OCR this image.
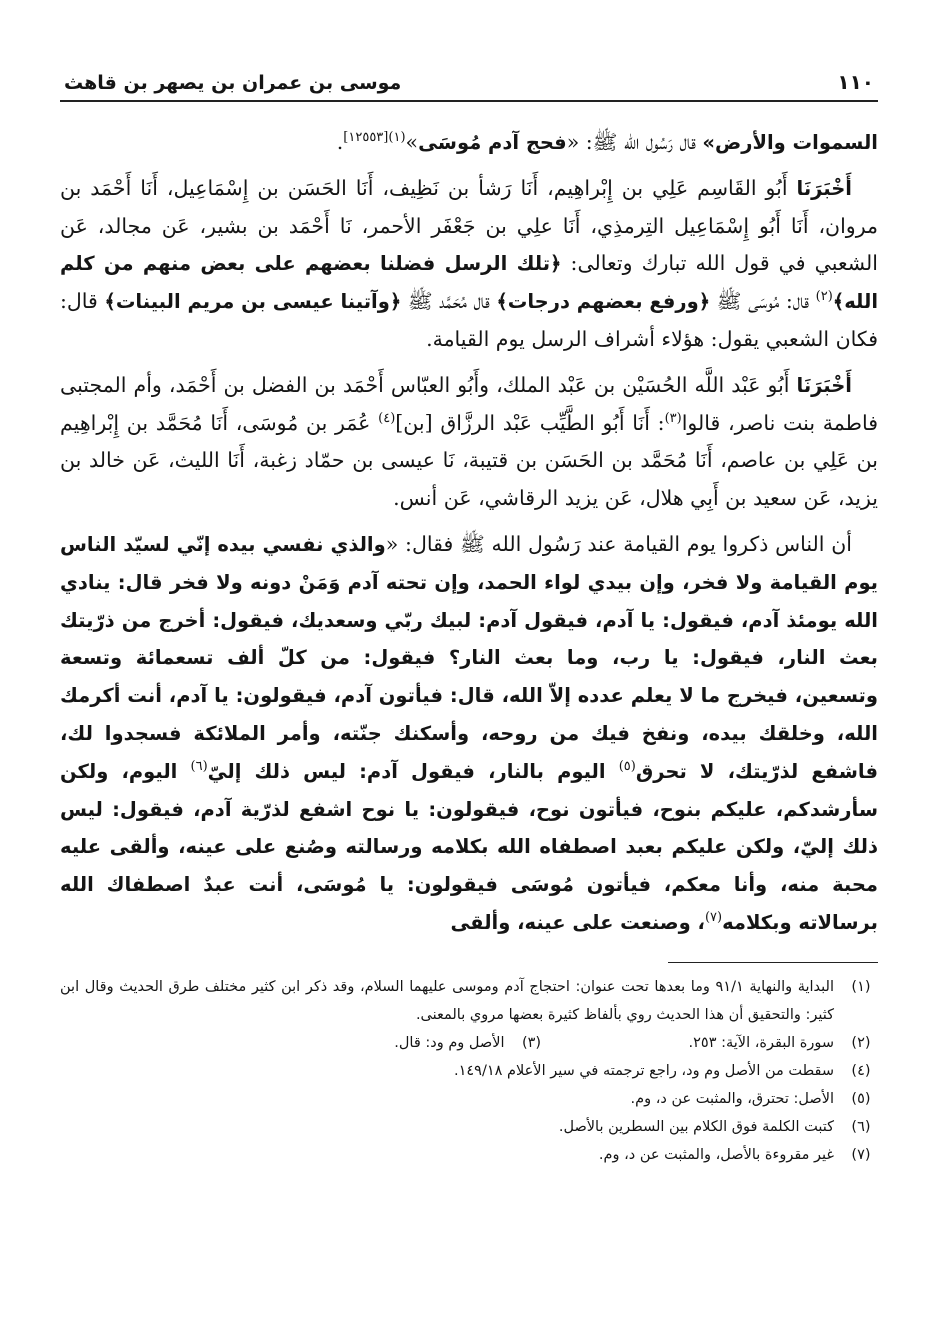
١١٠
موسى بن عمران بن يصهر بن قاهث

السموات والأرض» قال رَسُول الله ﷺ: «فحج آدم مُوسَى»$^{(١)[١٢٥٥٣]}$.

أَخْبَرَنَا أَبُو القَاسِم عَلِي بن إِبْراهِيم، أَنَا رَشأ بن نَظِيف، أَنَا الحَسَن بن إِسْمَاعِيل، أَنَا أَحْمَد بن مروان، أَنَا أَبُو إِسْمَاعِيل التِرمذِي، أَنَا علِي بن جَعْفَر الأحمر، نَا أَحْمَد بن بشير، عَن مجالد، عَن الشعبي في قول الله تبارك وتعالى: ﴿تلك الرسل فضلنا بعضهم على بعض منهم من كلم الله﴾$^{(٢)}$ قال: مُوسَى ﷺ ﴿ورفع بعضهم درجات﴾ قال مُحَمَّد ﷺ ﴿وآتينا عيسى بن مريم البينات﴾ قال: فكان الشعبي يقول: هؤلاء أشراف الرسل يوم القيامة.

أَخْبَرَنَا أَبُو عَبْد اللَّه الحُسَيْن بن عَبْد الملك، وأَبُو العبّاس أَحْمَد بن الفضل بن أَحْمَد، وأم المجتبى فاطمة بنت ناصر، قالوا$^{(٣)}$: أَنَا أَبُو الطَّيِّب عَبْد الرزَّاق [بن]$^{(٤)}$ عُمَر بن مُوسَى، أَنَا مُحَمَّد بن إِبْراهِيم بن عَلِي بن عاصم، أَنَا مُحَمَّد بن الحَسَن بن قتيبة، نَا عيسى بن حمّاد زغبة، أَنَا الليث، عَن خالد بن يزيد، عَن سعيد بن أَبِي هلال، عَن يزيد الرقاشي، عَن أنس.

أن الناس ذكروا يوم القيامة عند رَسُول الله ﷺ فقال: «والذي نفسي بيده إنّي لسيّد الناس يوم القيامة ولا فخر، وإن بيدي لواء الحمد، وإن تحته آدم وَمَنْ دونه ولا فخر قال: ينادي الله يومئذ آدم، فيقول: يا آدم، فيقول آدم: لبيك ربّي وسعديك، فيقول: أخرج من ذرّيتك بعث النار، فيقول: يا رب، وما بعث النار؟ فيقول: من كلّ ألف تسعمائة وتسعة وتسعين، فيخرج ما لا يعلم عدده إلاّ الله، قال: فيأتون آدم، فيقولون: يا آدم، أنت أكرمك الله، وخلقك بيده، ونفخ فيك من روحه، وأسكنك جنّته، وأمر الملائكة فسجدوا لك، فاشفع لذرّيتك، لا تحرق$^{(٥)}$ اليوم بالنار، فيقول آدم: ليس ذلك إليّ$^{(٦)}$ اليوم، ولكن سأرشدكم، عليكم بنوح، فيأتون نوح، فيقولون: يا نوح اشفع لذرّية آدم، فيقول: ليس ذلك إليّ، ولكن عليكم بعبد اصطفاه الله بكلامه ورسالته وصُنع على عينه، وألقى عليه محبة منه، وأنا معكم، فيأتون مُوسَى فيقولون: يا مُوسَى، أنت عبدٌ اصطفاك الله برسالاته وبكلامه$^{(٧)}$، وصنعت على عينه، وألقى

(١)
البداية والنهاية ٩١/١ وما بعدها تحت عنوان: احتجاج آدم وموسى عليهما السلام، وقد ذكر ابن كثير مختلف طرق الحديث وقال ابن كثير: والتحقيق أن هذا الحديث روي بألفاظ كثيرة بعضها مروي بالمعنى.
(٢)
سورة البقرة، الآية: ٢٥٣.
(٣)
الأصل وم ود: قال.
(٤)
سقطت من الأصل وم ود، راجع ترجمته في سير الأعلام ١٤٩/١٨.
(٥)
الأصل: تحترق، والمثبت عن د، وم.
(٦)
كتبت الكلمة فوق الكلام بين السطرين بالأصل.
(٧)
غير مقروءة بالأصل، والمثبت عن د، وم.
